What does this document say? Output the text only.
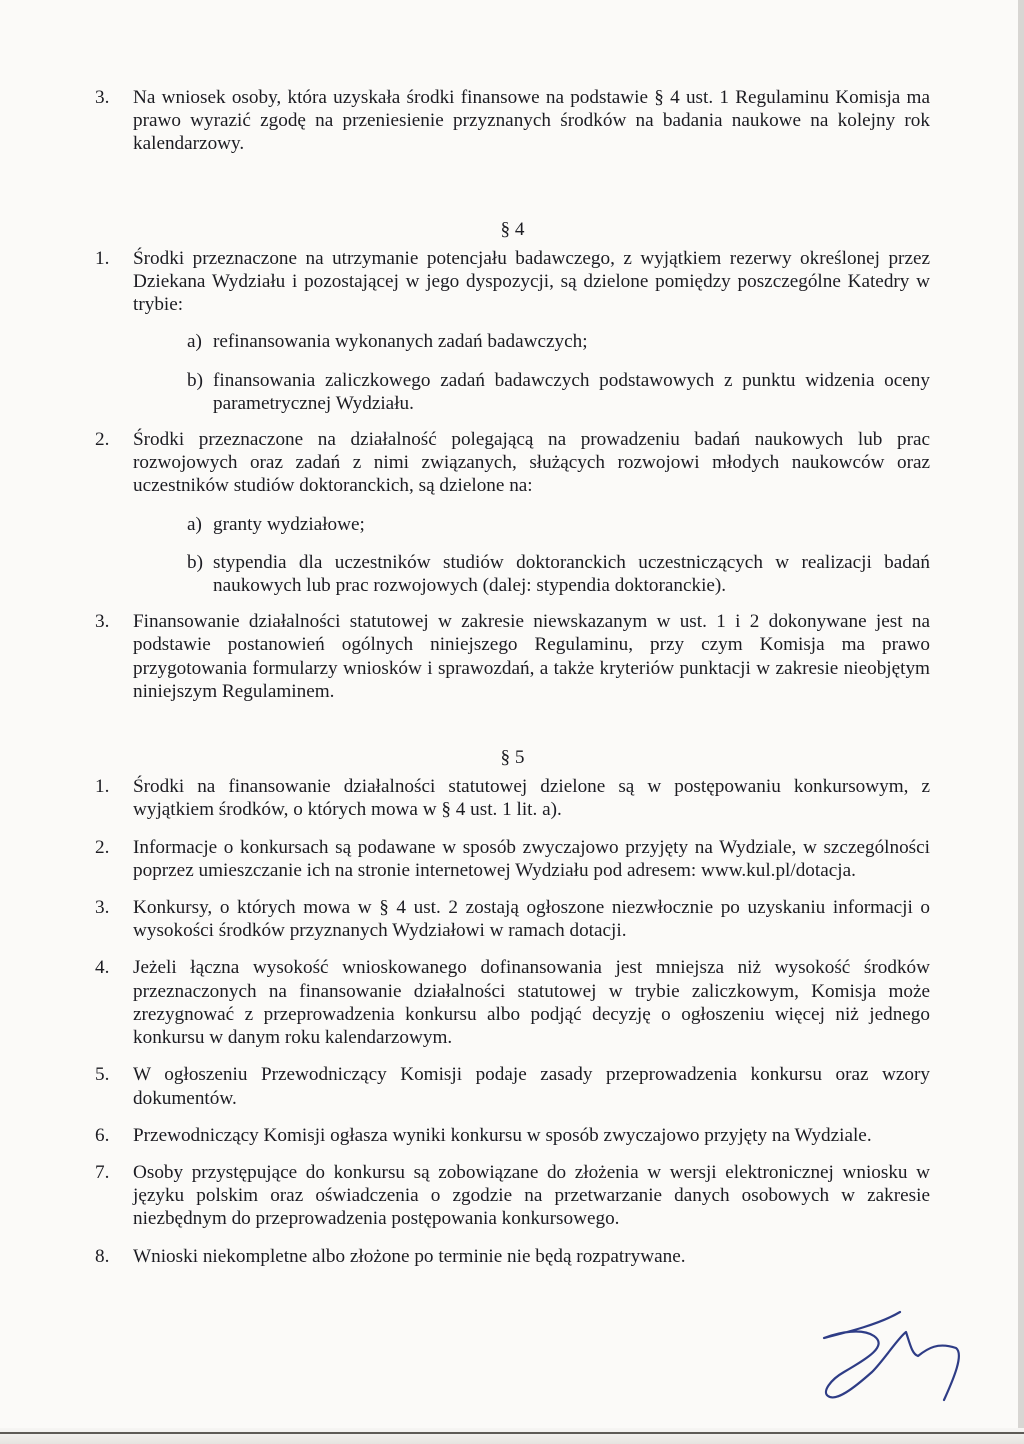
3.	Na wniosek osoby, która uzyskała środki finansowe na podstawie § 4 ust. 1 Regulaminu Komisja ma prawo wyrazić zgodę na przeniesienie przyznanych środków na badania naukowe na kolejny rok kalendarzowy.
§ 4
1.	Środki przeznaczone na utrzymanie potencjału badawczego, z wyjątkiem rezerwy określonej przez Dziekana Wydziału i pozostającej w jego dyspozycji, są dzielone pomiędzy poszczególne Katedry w trybie:
a) refinansowania wykonanych zadań badawczych;
b) finansowania zaliczkowego zadań badawczych podstawowych z punktu widzenia oceny parametrycznej Wydziału.
2.	Środki przeznaczone na działalność polegającą na prowadzeniu badań naukowych lub prac rozwojowych oraz zadań z nimi związanych, służących rozwojowi młodych naukowców oraz uczestników studiów doktoranckich, są dzielone na:
a) granty wydziałowe;
b) stypendia dla uczestników studiów doktoranckich uczestniczących w realizacji badań naukowych lub prac rozwojowych (dalej: stypendia doktoranckie).
3.	Finansowanie działalności statutowej w zakresie niewskazanym w ust. 1 i 2 dokonywane jest na podstawie postanowień ogólnych niniejszego Regulaminu, przy czym Komisja ma prawo przygotowania formularzy wniosków i sprawozdań, a także kryteriów punktacji w zakresie nieobjętym niniejszym Regulaminem.
§ 5
1.	Środki na finansowanie działalności statutowej dzielone są w postępowaniu konkursowym, z wyjątkiem środków, o których mowa w § 4 ust. 1 lit. a).
2.	Informacje o konkursach są podawane w sposób zwyczajowo przyjęty na Wydziale, w szczególności poprzez umieszczanie ich na stronie internetowej Wydziału pod adresem: www.kul.pl/dotacja.
3.	Konkursy, o których mowa w § 4 ust. 2 zostają ogłoszone niezwłocznie po uzyskaniu informacji o wysokości środków przyznanych Wydziałowi w ramach dotacji.
4.	Jeżeli łączna wysokość wnioskowanego dofinansowania jest mniejsza niż wysokość środków przeznaczonych na finansowanie działalności statutowej w trybie zaliczkowym, Komisja może zrezygnować z przeprowadzenia konkursu albo podjąć decyzję o ogłoszeniu więcej niż jednego konkursu w danym roku kalendarzowym.
5.	W ogłoszeniu Przewodniczący Komisji podaje zasady przeprowadzenia konkursu oraz wzory dokumentów.
6.	Przewodniczący Komisji ogłasza wyniki konkursu w sposób zwyczajowo przyjęty na Wydziale.
7.	Osoby przystępujące do konkursu są zobowiązane do złożenia w wersji elektronicznej wniosku w języku polskim oraz oświadczenia o zgodzie na przetwarzanie danych osobowych w zakresie niezbędnym do przeprowadzenia postępowania konkursowego.
8.	Wnioski niekompletne albo złożone po terminie nie będą rozpatrywane.
